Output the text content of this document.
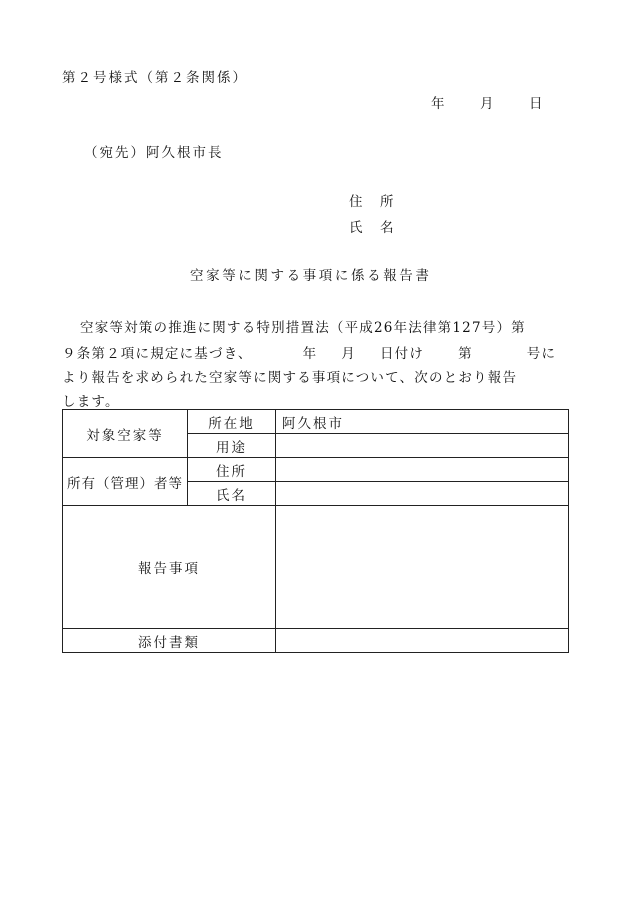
第２号様式（第２条関係）
年	月	日
（宛先）阿久根市長
住　所
氏　名
空家等に関する事項に係る報告書
空家等対策の推進に関する特別措置法（平成26年法律第127号）第
９条第２項に規定に基づき、	年 月 日付け	第	号に
より報告を求められた空家等に関する事項について、次のとおり報告
します。
対象空家等	所在地	阿久根市
	用途	
所有（管理）者等	住所	
	氏名	
報告事項		
添付書類		
